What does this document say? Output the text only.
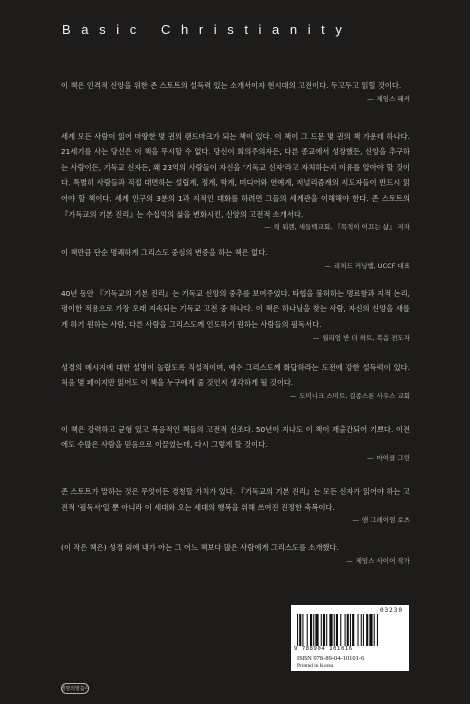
Basic Christianity

이 책은 인격적 신앙을 위한 존 스토트의 설득력 있는 소개서이자 현시대의 고전이다. 두고두고 읽힐 것이다.

— 제임스 패커

세계 모든 사람이 읽어 마땅한 몇 권의 랜드마크가 되는 책이 있다. 이 책이 그 드문 몇 권의 책 가운데 하나다. 21세기를 사는 당신은 이 책을 무시할 수 없다. 당신이 회의주의자든, 다른 종교에서 성장했든, 신앙을 추구하는 사람이든, 기독교 신자든, 왜 23억의 사람들이 자신을 '기독교 신자'라고 자처하는지 이유를 알아야 할 것이다. 특별히 사람들과 직접 대면하는 설립계, 정계, 학계, 미디어와 연예계, 저널리즘계의 지도자들이 반드시 읽어야 할 책이다. 세계 인구의 3분의 1과 지적인 대화를 하려면 그들의 세계관을 이해해야 한다. 존 스토트의 『기독교의 기본 진리』는 수십억의 삶을 변화시킨, 신앙의 고전적 소개서다.

— 릭 워렌, 새들백교회, 『목적이 이끄는 삶』 저자

이 책만큼 단순 명쾌하게 그리스도 중심의 변증을 하는 책은 없다.

— 리처드 커닝햄, UCCF 대표

40년 동안 『기독교의 기본 진리』는 기독교 신앙의 중추를 보여주었다. 타협을 불허하는 명료함과 지적 논리, 평이한 적용으로 가장 오래 지속되는 기독교 고전 중 하나다. 이 책은 하나님을 찾는 사람, 자신의 신앙을 새롭게 하기 원하는 사람, 다른 사람을 그리스도께 인도하기 원하는 사람들의 필독서다.

— 월리엄 반 더 하트, 복음 전도자

성경의 메시지에 대한 설명이 놀랍도록 직설적이며, 예수 그리스도께 화답하라는 도전에 강한 설득력이 있다. 처음 몇 페이지만 읽어도 이 책을 누구에게 줄 것인지 생각하게 될 것이다.

— 도미니크 스미트, 길종스톤 사우스 교회

이 책은 강력하고 균형 있고 복음적인 책들의 고전적 선조다. 50년이 지나도 이 책이 재출간되어 기쁘다. 이전에도 수많은 사람을 믿음으로 이끌었는데, 다시 그렇게 할 것이다.

— 마이클 그린

존 스토트가 말하는 것은 무엇이든 경청할 가치가 있다. 『기독교의 기본 진리』는 모든 신자가 읽어야 하는 고전적 '필독서'일 뿐 아니라 이 세대와 오는 세대의 행복을 위해 쓰여진 진정한 축복이다.

— 앤 그레이엄 로츠

(이 작은 책은) 성경 외에 내가 아는 그 어느 책보다 많은 사람에게 그리스도를 소개했다.

— 제임스 사이어 작가
03230
9 788904 101016
ISBN 978-89-04-10101-6
Printed in Korea
생명의말씀사
